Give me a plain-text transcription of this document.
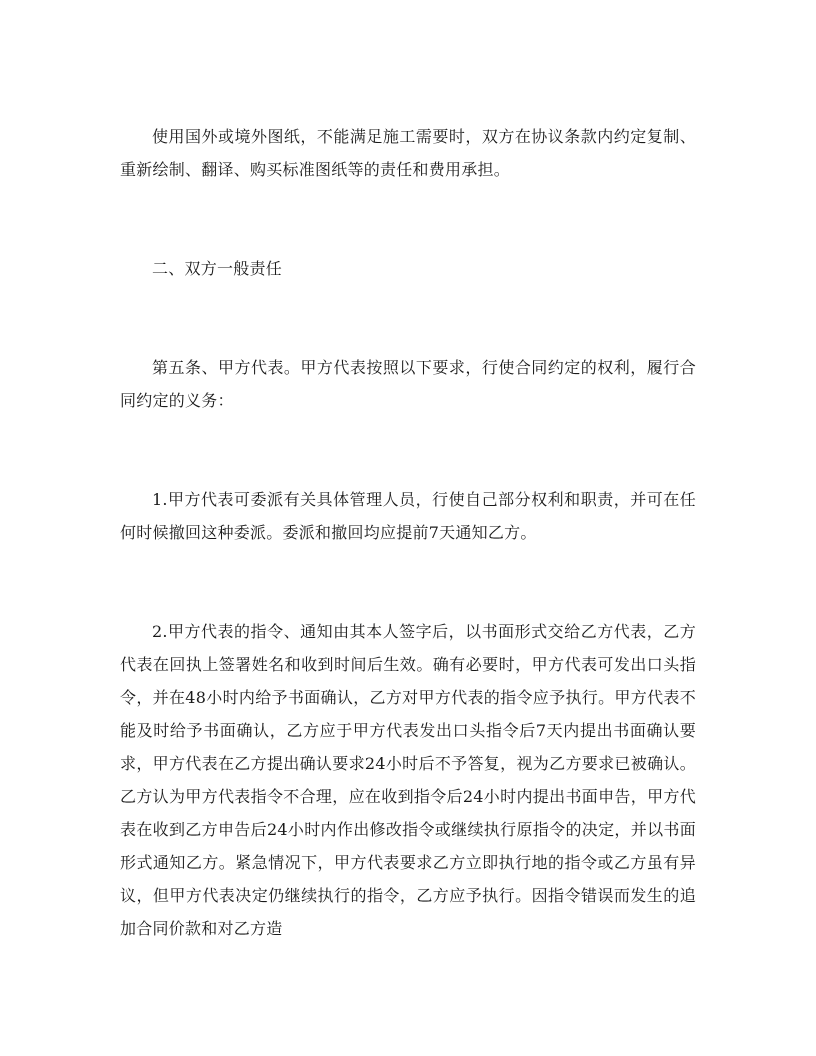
使用国外或境外图纸，不能满足施工需要时，双方在协议条款内约定复制、重新绘制、翻译、购买标准图纸等的责任和费用承担。

二、双方一般责任

第五条、甲方代表。甲方代表按照以下要求，行使合同约定的权利，履行合同约定的义务：

1.甲方代表可委派有关具体管理人员，行使自己部分权利和职责，并可在任何时候撤回这种委派。委派和撤回均应提前7天通知乙方。

2.甲方代表的指令、通知由其本人签字后，以书面形式交给乙方代表，乙方代表在回执上签署姓名和收到时间后生效。确有必要时，甲方代表可发出口头指令，并在48小时内给予书面确认，乙方对甲方代表的指令应予执行。甲方代表不能及时给予书面确认，乙方应于甲方代表发出口头指令后7天内提出书面确认要求，甲方代表在乙方提出确认要求24小时后不予答复，视为乙方要求已被确认。乙方认为甲方代表指令不合理，应在收到指令后24小时内提出书面申告，甲方代表在收到乙方申告后24小时内作出修改指令或继续执行原指令的决定，并以书面形式通知乙方。紧急情况下，甲方代表要求乙方立即执行地的指令或乙方虽有异议，但甲方代表决定仍继续执行的指令，乙方应予执行。因指令错误而发生的追加合同价款和对乙方造
